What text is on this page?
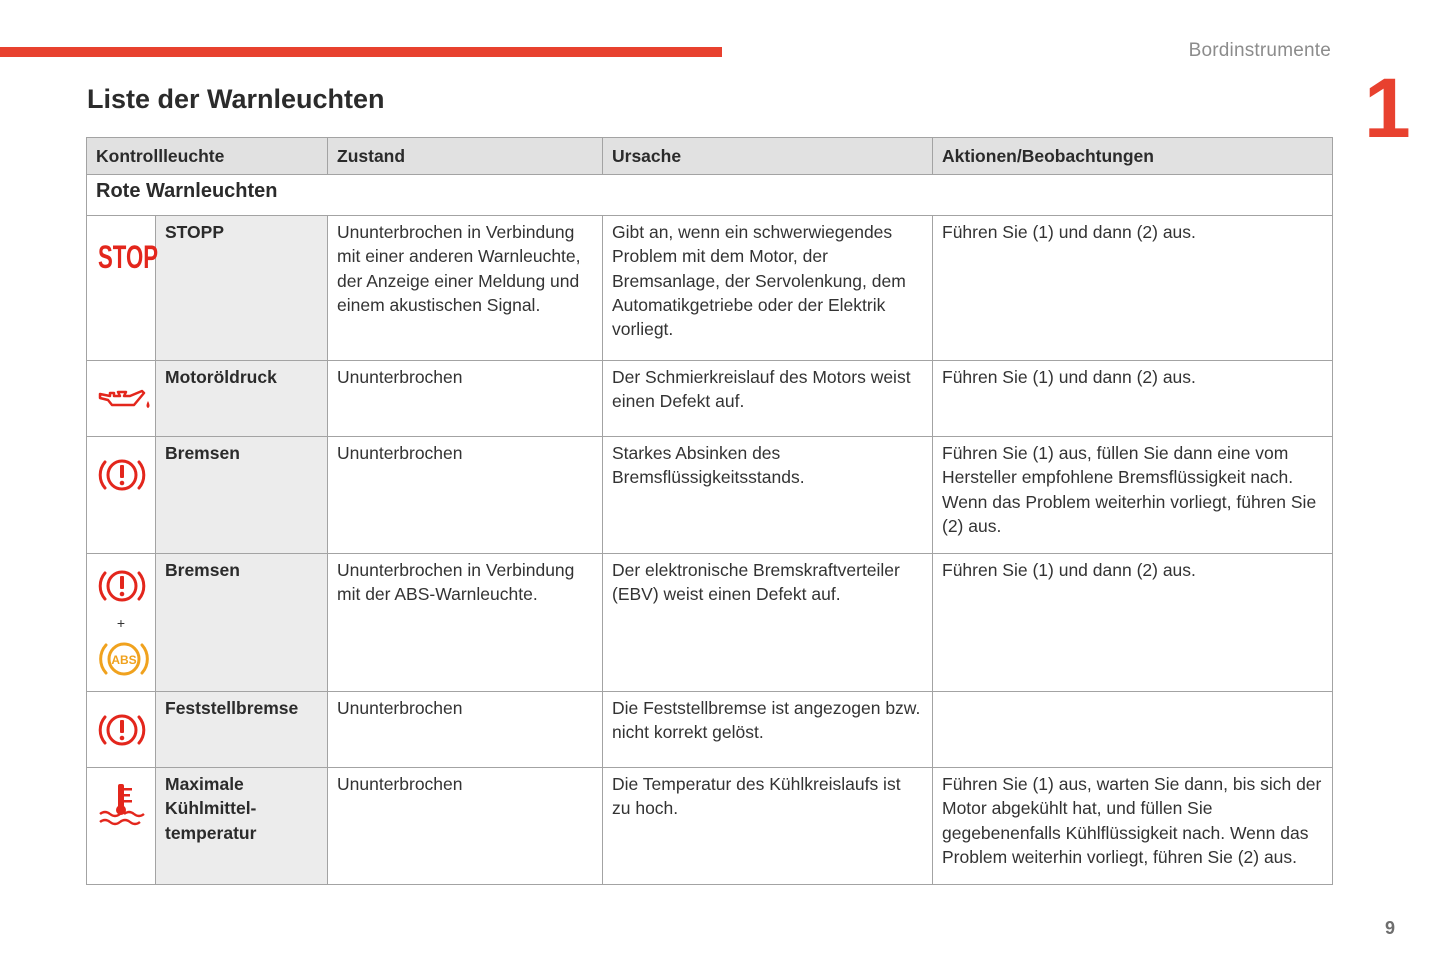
Bordinstrumente
1
Liste der Warnleuchten
Kontrollleuchte		Zustand	Ursache	Aktionen/Beobachtungen
Rote Warnleuchten				

STOP	STOPP	Ununterbrochen in Verbindung mit einer anderen Warnleuchte, der Anzeige einer Meldung und einem akustischen Signal.	Gibt an, wenn ein schwerwiegendes Problem mit dem Motor, der Bremsanlage, der Servolenkung, dem Automatikgetriebe oder der Elektrik vorliegt.	Führen Sie (1) und dann (2) aus.

	Motoröldruck	Ununterbrochen	Der Schmierkreislauf des Motors weist einen Defekt auf.	Führen Sie (1) und dann (2) aus.

	Bremsen	Ununterbrochen	Starkes Absinken des Bremsflüssigkeitsstands.	Führen Sie (1) aus, füllen Sie dann eine vom Hersteller empfohlene Bremsflüssigkeit nach. Wenn das Problem weiterhin vorliegt, führen Sie (2) aus.

+
ABS	Bremsen	Ununterbrochen in Verbindung mit der ABS-Warnleuchte.	Der elektronische Bremskraftverteiler (EBV) weist einen Defekt auf.	Führen Sie (1) und dann (2) aus.

	Feststellbremse	Ununterbrochen	Die Feststellbremse ist angezogen bzw. nicht korrekt gelöst.	

	Maximale
Kühlmittel-
temperatur	Ununterbrochen	Die Temperatur des Kühlkreislaufs ist zu hoch.	Führen Sie (1) aus, warten Sie dann, bis sich der Motor abgekühlt hat, und füllen Sie gegebenenfalls Kühlflüssigkeit nach. Wenn das Problem weiterhin vorliegt, führen Sie (2) aus.
9
